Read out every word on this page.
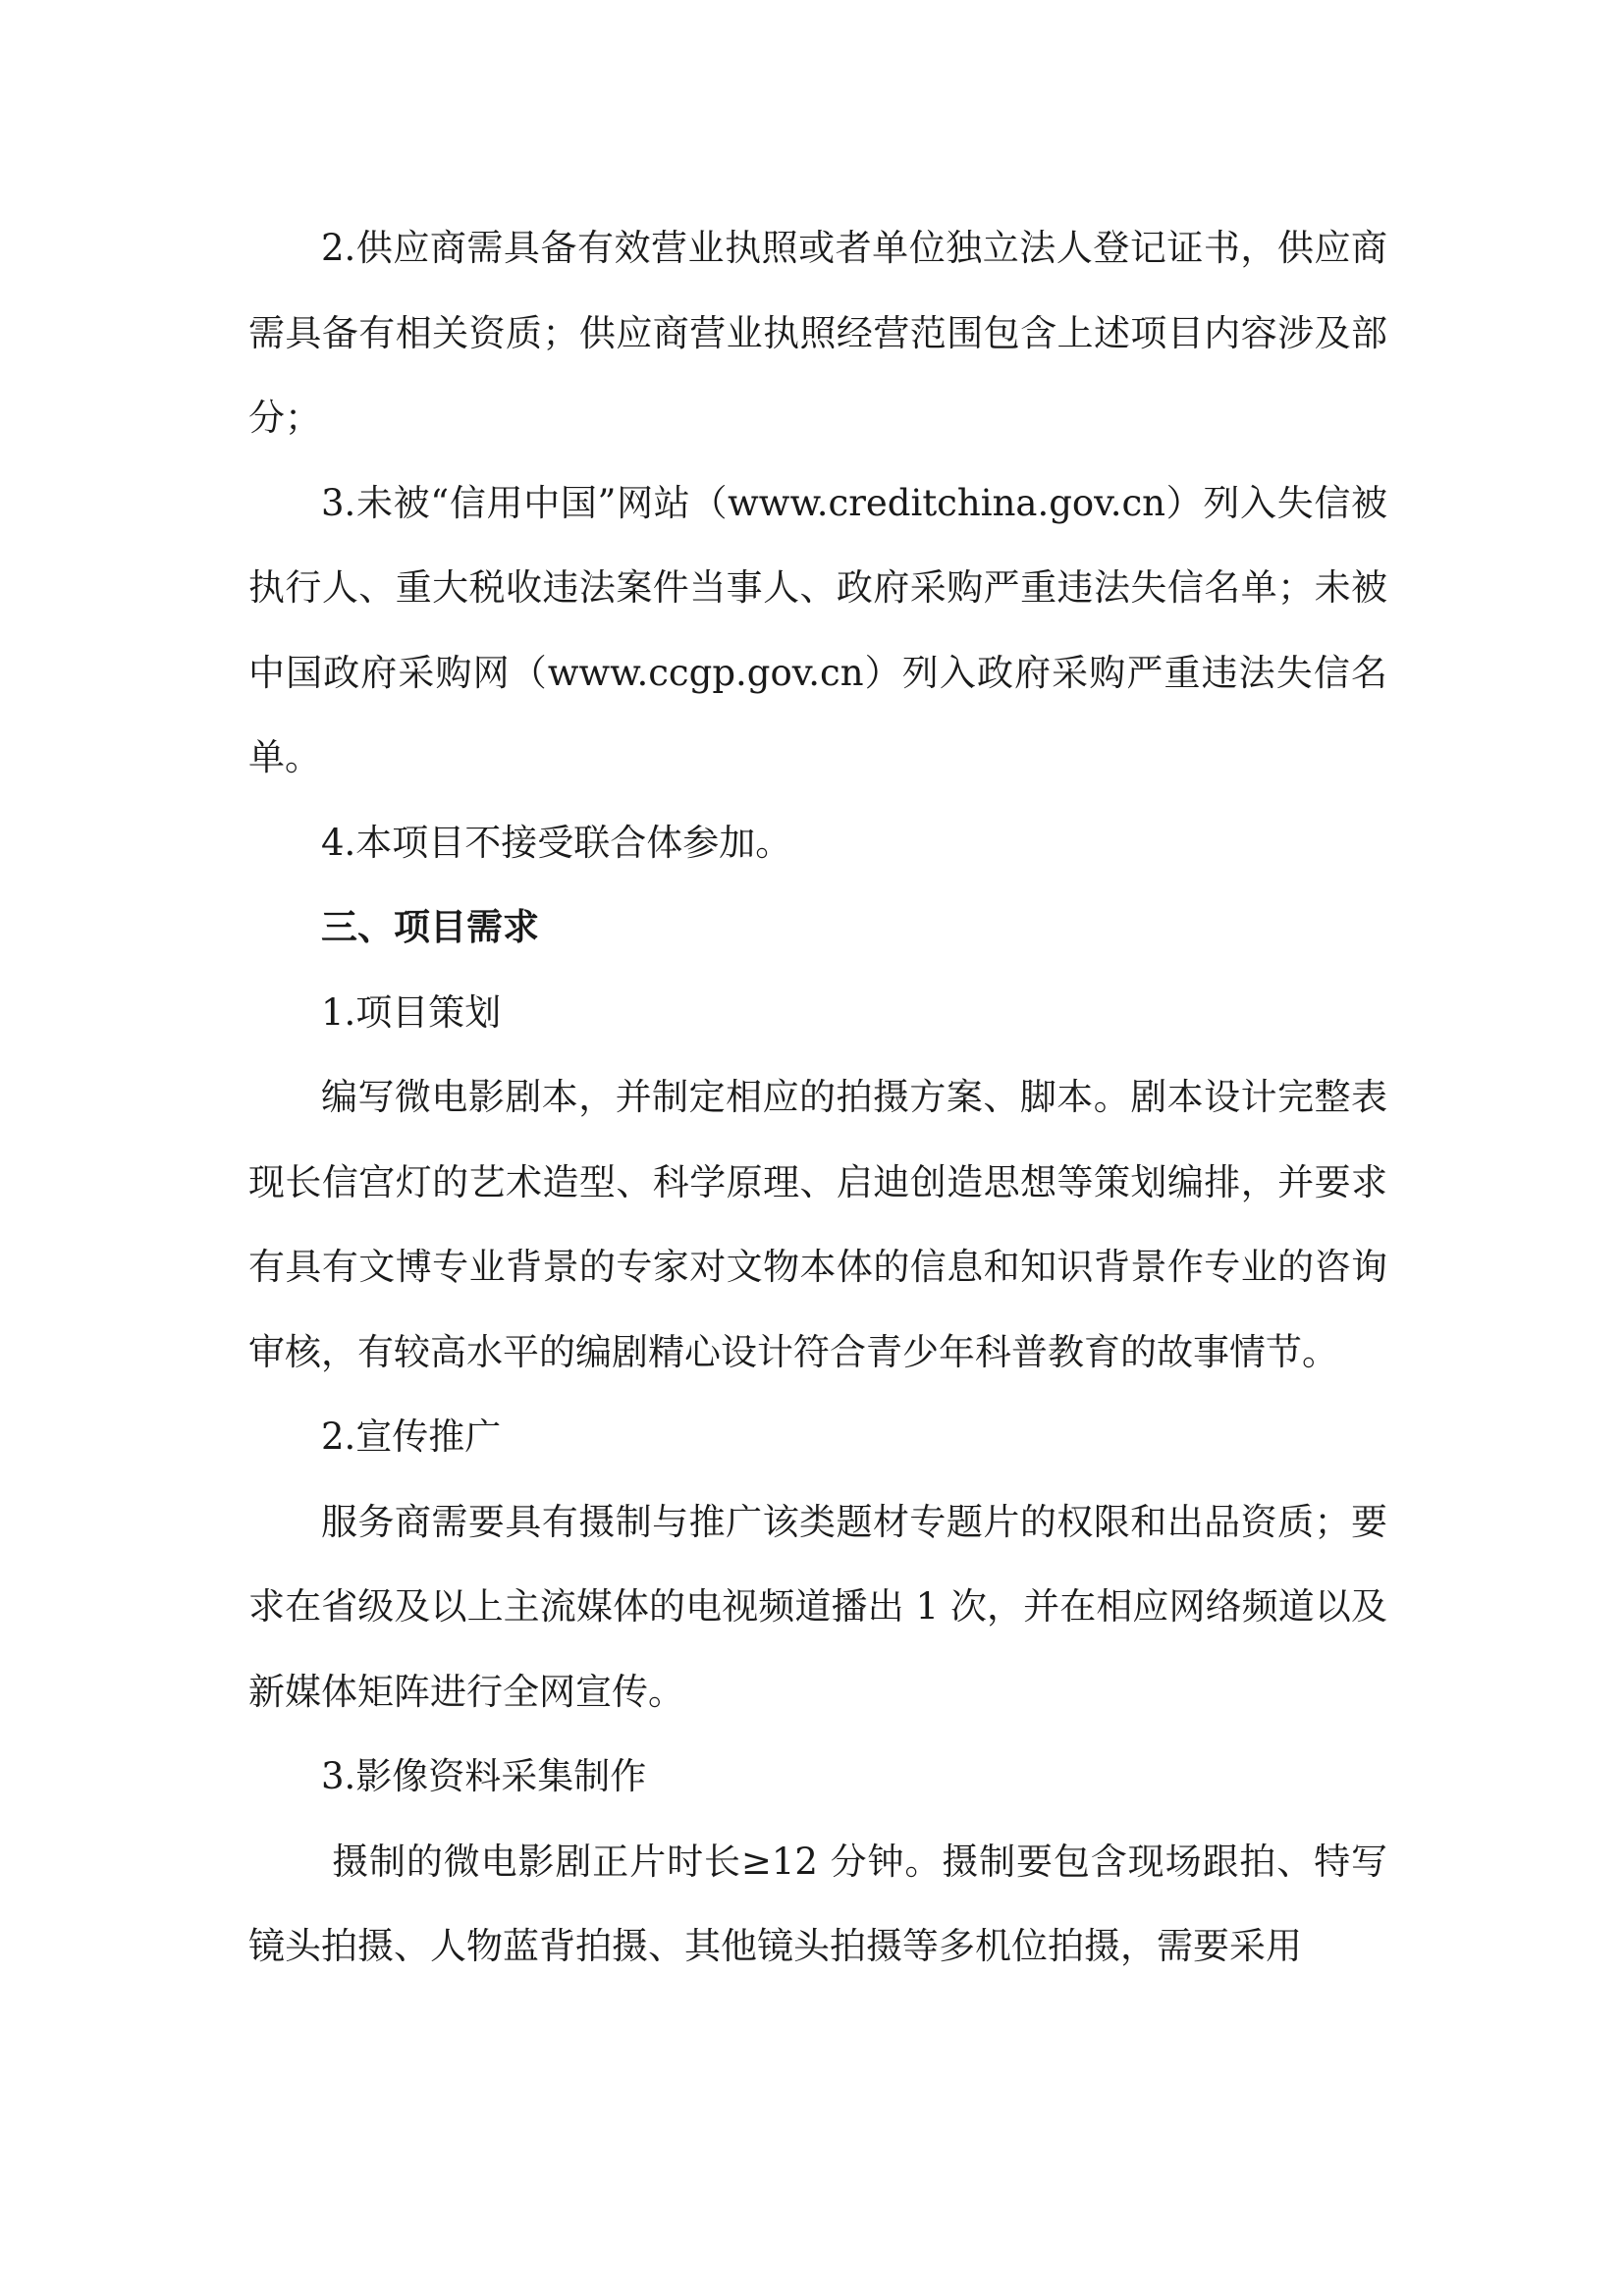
2.供应商需具备有效营业执照或者单位独立法人登记证书，供应商需具备有相关资质；供应商营业执照经营范围包含上述项目内容涉及部分；

3.未被“信用中国”网站（www.creditchina.gov.cn）列入失信被执行人、重大税收违法案件当事人、政府采购严重违法失信名单；未被中国政府采购网（www.ccgp.gov.cn）列入政府采购严重违法失信名单。

4.本项目不接受联合体参加。

三、项目需求

1.项目策划

编写微电影剧本，并制定相应的拍摄方案、脚本。剧本设计完整表现长信宫灯的艺术造型、科学原理、启迪创造思想等策划编排，并要求有具有文博专业背景的专家对文物本体的信息和知识背景作专业的咨询审核，有较高水平的编剧精心设计符合青少年科普教育的故事情节。

2.宣传推广

服务商需要具有摄制与推广该类题材专题片的权限和出品资质；要求在省级及以上主流媒体的电视频道播出 1 次，并在相应网络频道以及新媒体矩阵进行全网宣传。

3.影像资料采集制作

摄制的微电影剧正片时长≥12 分钟。摄制要包含现场跟拍、特写镜头拍摄、人物蓝背拍摄、其他镜头拍摄等多机位拍摄，需要采用
